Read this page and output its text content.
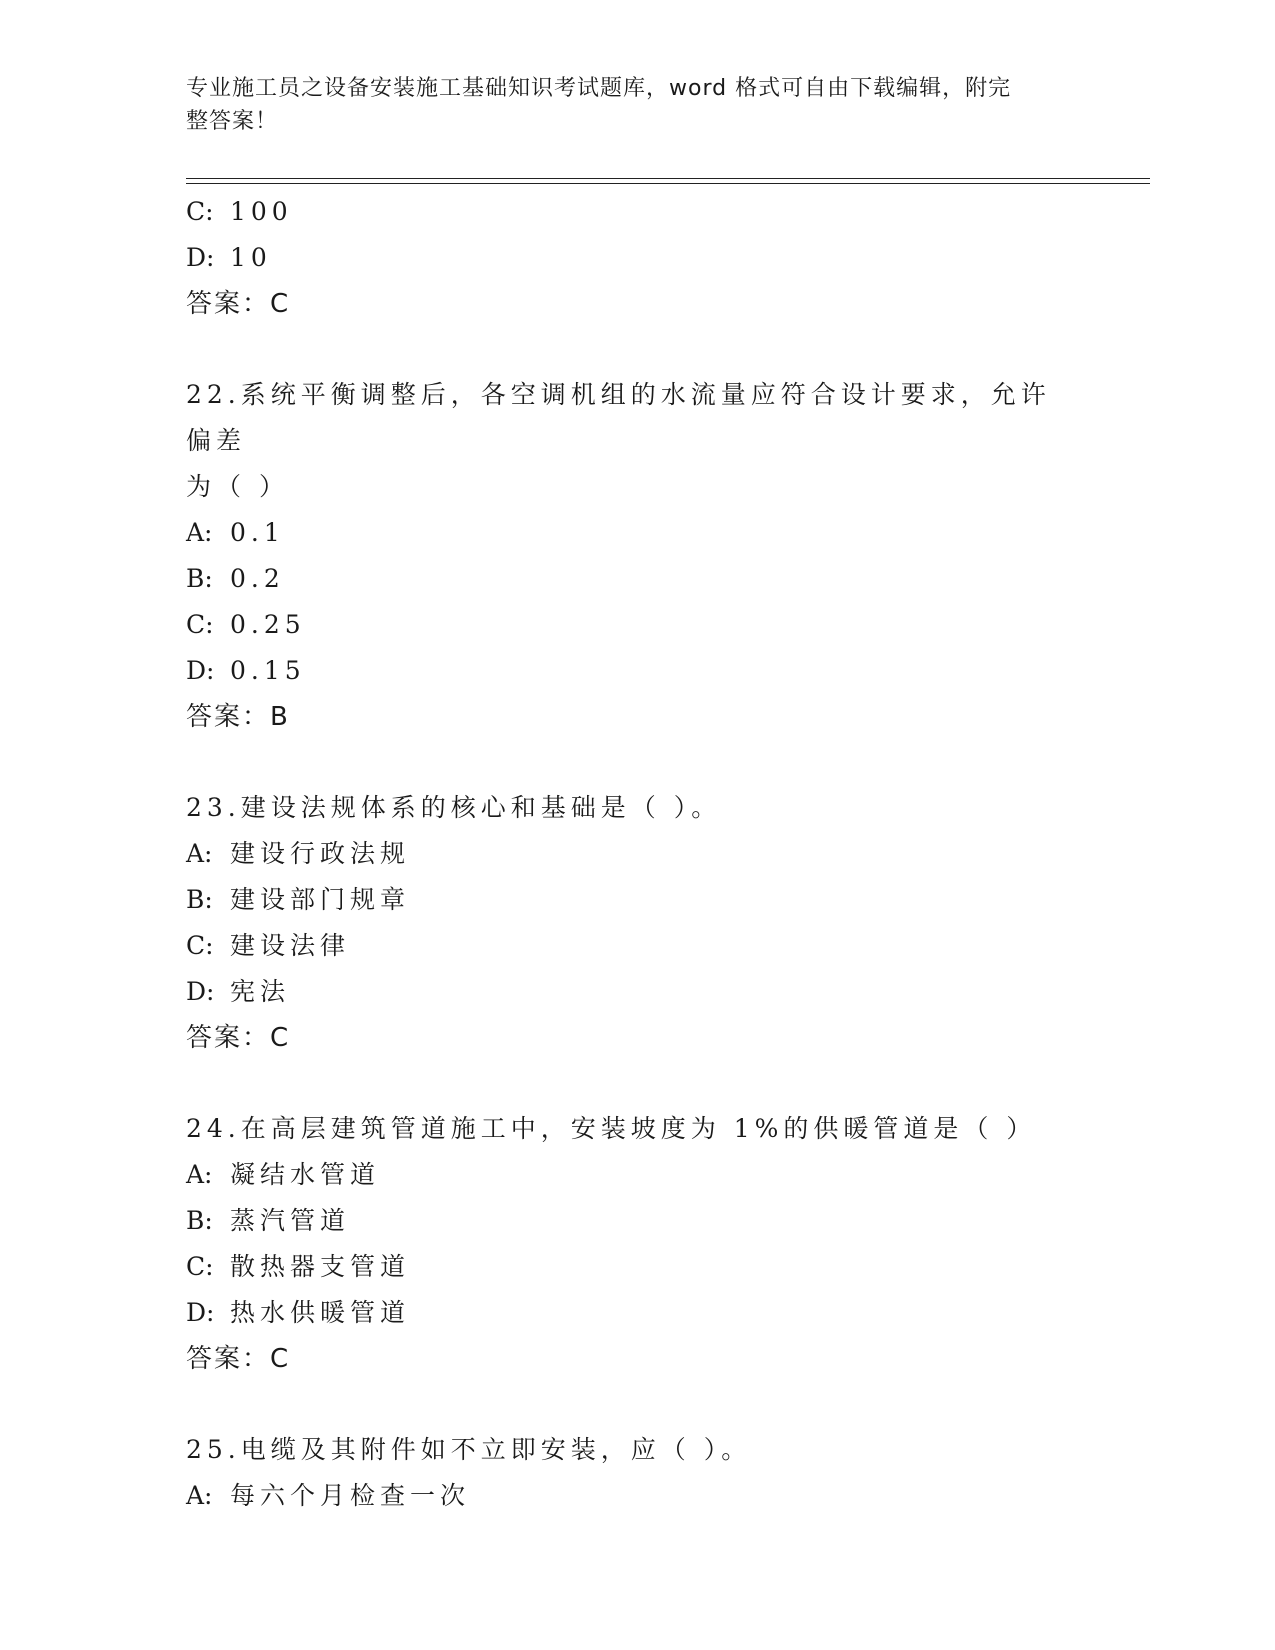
专业施工员之设备安装施工基础知识考试题库，word 格式可自由下载编辑，附完
整答案！
C: 100
D: 10
答案：C
22.系统平衡调整后，各空调机组的水流量应符合设计要求，允许偏差
为（ ）
A: 0.1
B: 0.2
C: 0.25
D: 0.15
答案：B
23.建设法规体系的核心和基础是（ ）。
A: 建设行政法规
B: 建设部门规章
C: 建设法律
D: 宪法
答案：C
24.在高层建筑管道施工中，安装坡度为 1%的供暖管道是（ ）
A: 凝结水管道
B: 蒸汽管道
C: 散热器支管道
D: 热水供暖管道
答案：C
25.电缆及其附件如不立即安装，应（ ）。
A: 每六个月检查一次
